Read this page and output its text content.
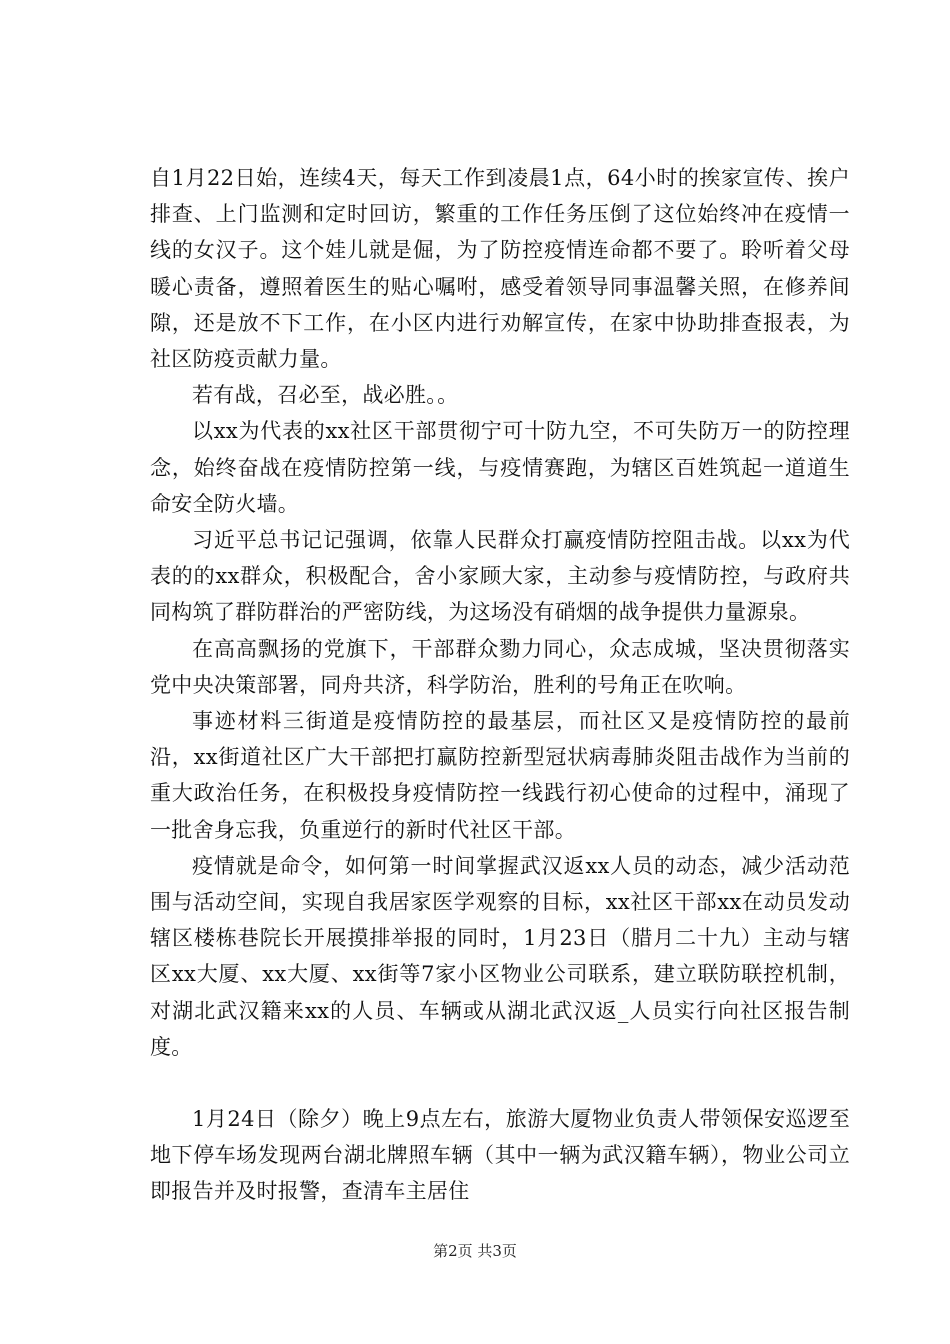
自1月22日始，连续4天，每天工作到凌晨1点，64小时的挨家宣传、挨户排查、上门监测和定时回访，繁重的工作任务压倒了这位始终冲在疫情一线的女汉子。这个娃儿就是倔，为了防控疫情连命都不要了。聆听着父母暖心责备，遵照着医生的贴心嘱咐，感受着领导同事温馨关照，在修养间隙，还是放不下工作，在小区内进行劝解宣传，在家中协助排查报表，为社区防疫贡献力量。

若有战，召必至，战必胜。。

以xx为代表的xx社区干部贯彻宁可十防九空，不可失防万一的防控理念，始终奋战在疫情防控第一线，与疫情赛跑，为辖区百姓筑起一道道生命安全防火墙。

习近平总书记记强调，依靠人民群众打赢疫情防控阻击战。以xx为代表的的xx群众，积极配合，舍小家顾大家，主动参与疫情防控，与政府共同构筑了群防群治的严密防线，为这场没有硝烟的战争提供力量源泉。

在高高飘扬的党旗下，干部群众勠力同心，众志成城，坚决贯彻落实党中央决策部署，同舟共济，科学防治，胜利的号角正在吹响。

事迹材料三街道是疫情防控的最基层，而社区又是疫情防控的最前沿，xx街道社区广大干部把打赢防控新型冠状病毒肺炎阻击战作为当前的重大政治任务，在积极投身疫情防控一线践行初心使命的过程中，涌现了一批舍身忘我，负重逆行的新时代社区干部。

疫情就是命令，如何第一时间掌握武汉返xx人员的动态，减少活动范围与活动空间，实现自我居家医学观察的目标，xx社区干部xx在动员发动辖区楼栋巷院长开展摸排举报的同时，1月23日（腊月二十九）主动与辖区xx大厦、xx大厦、xx街等7家小区物业公司联系，建立联防联控机制，对湖北武汉籍来xx的人员、车辆或从湖北武汉返_人员实行向社区报告制度。

1月24日（除夕）晚上9点左右，旅游大厦物业负责人带领保安巡逻至地下停车场发现两台湖北牌照车辆（其中一辆为武汉籍车辆），物业公司立即报告并及时报警，查清车主居住

第2页 共3页
